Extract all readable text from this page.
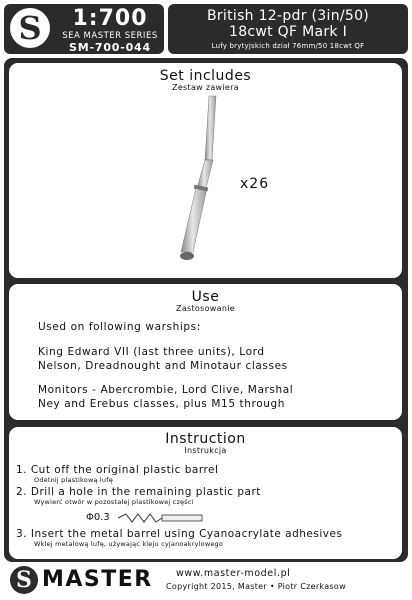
S	1:700
SEA MASTER SERIES
SM-700-044
British 12-pdr (3in/50)
18cwt QF Mark I
Lufy brytyjskich dział 76mm/50 18cwt QF
Set includes
Zestaw zawiera
x26
Use
Zastosowanie
Used on following warships:
King Edward VII (last three units), Lord
Nelson, Dreadnought and Minotaur classes
Monitors - Abercrombie, Lord Clive, Marshal
Ney and Erebus classes, plus M15 through
Instruction
Instrukcja
1. Cut off the original plastic barrel
Odetnij plastikową lufę
2. Drill a hole in the remaining plastic part
Wywierć otwór w pozostałej plastikowej części
Φ0.3
3. Insert the metal barrel using Cyanoacrylate adhesives
Wklej metalową lufę, używając kleju cyjanoakrylowego
S MASTER www.master-model.pl
Copyright 2015, Master • Piotr Czerkasow
